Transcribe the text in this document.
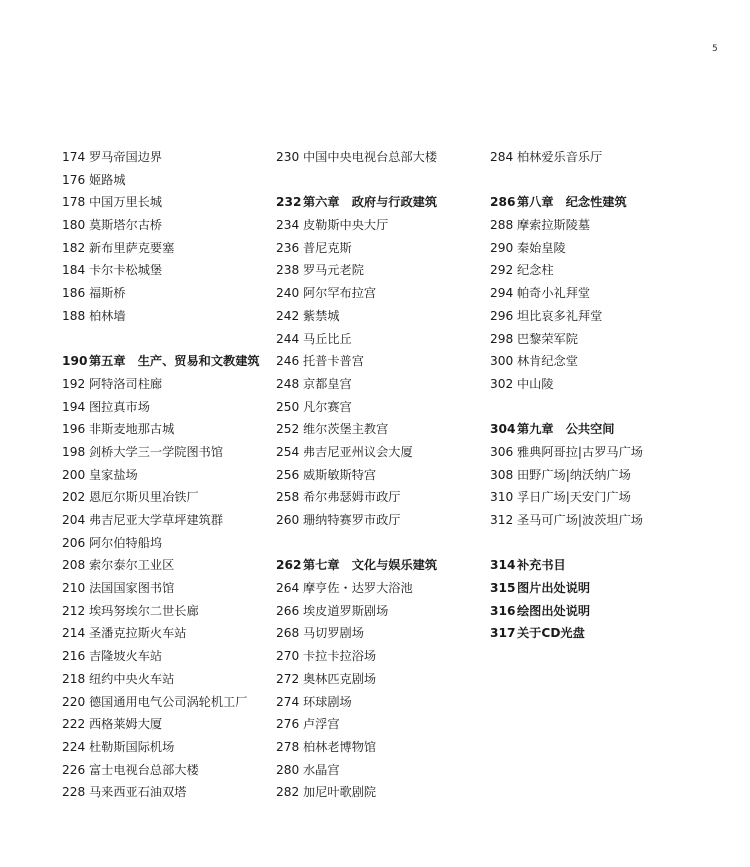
5
174 罗马帝国边界
176 姬路城
178 中国万里长城
180 莫斯塔尔古桥
182 新布里萨克要塞
184 卡尔卡松城堡
186 福斯桥
188 柏林墙
190 第五章　生产、贸易和文教建筑
192 阿特洛司柱廊
194 图拉真市场
196 非斯麦地那古城
198 剑桥大学三一学院图书馆
200 皇家盐场
202 恩厄尔斯贝里冶铁厂
204 弗吉尼亚大学草坪建筑群
206 阿尔伯特船坞
208 索尔泰尔工业区
210 法国国家图书馆
212 埃玛努埃尔二世长廊
214 圣潘克拉斯火车站
216 吉隆坡火车站
218 纽约中央火车站
220 德国通用电气公司涡轮机工厂
222 西格莱姆大厦
224 杜勒斯国际机场
226 富士电视台总部大楼
228 马来西亚石油双塔
230 中国中央电视台总部大楼
232 第六章　政府与行政建筑
234 皮勒斯中央大厅
236 普尼克斯
238 罗马元老院
240 阿尔罕布拉宫
242 紫禁城
244 马丘比丘
246 托普卡普宫
248 京都皇宫
250 凡尔赛宫
252 维尔茨堡主教宫
254 弗吉尼亚州议会大厦
256 威斯敏斯特宫
258 希尔弗瑟姆市政厅
260 珊纳特赛罗市政厅
262 第七章　文化与娱乐建筑
264 摩亨佐・达罗大浴池
266 埃皮道罗斯剧场
268 马切罗剧场
270 卡拉卡拉浴场
272 奥林匹克剧场
274 环球剧场
276 卢浮宫
278 柏林老博物馆
280 水晶宫
282 加尼叶歌剧院
284 柏林爱乐音乐厅
286 第八章　纪念性建筑
288 摩索拉斯陵墓
290 秦始皇陵
292 纪念柱
294 帕奇小礼拜堂
296 坦比哀多礼拜堂
298 巴黎荣军院
300 林肯纪念堂
302 中山陵
304 第九章　公共空间
306 雅典阿哥拉|古罗马广场
308 田野广场|纳沃纳广场
310 孚日广场|天安门广场
312 圣马可广场|波茨坦广场
314 补充书目
315 图片出处说明
316 绘图出处说明
317 关于CD光盘
